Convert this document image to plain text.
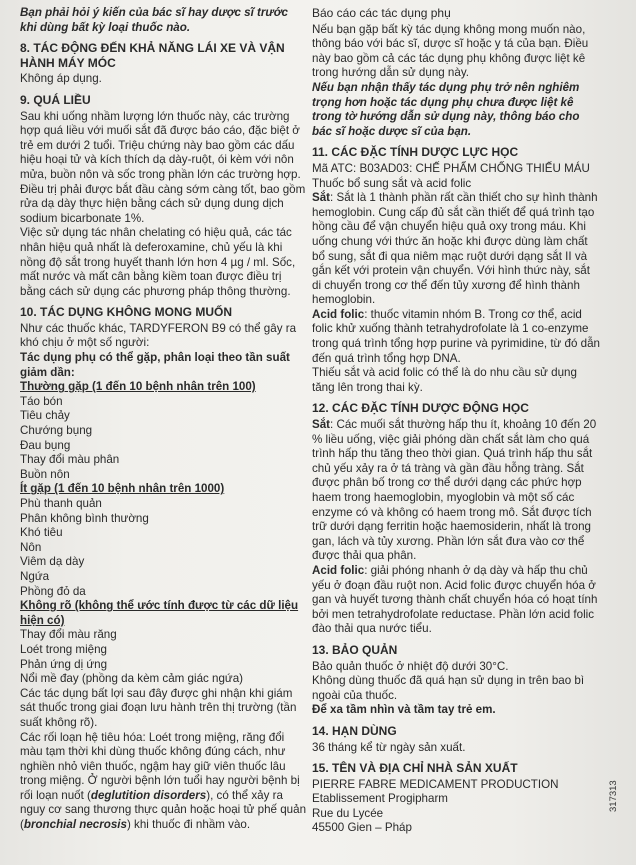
Bạn phải hỏi ý kiến của bác sĩ hay dược sĩ trước khi dùng bất kỳ loại thuốc nào.

8. TÁC ĐỘNG ĐẾN KHẢ NĂNG LÁI XE VÀ VẬN HÀNH MÁY MÓC

Không áp dụng.

9. QUÁ LIỀU

Sau khi uống nhầm lượng lớn thuốc này, các trường hợp quá liều với muối sắt đã được báo cáo, đặc biệt ở trẻ em dưới 2 tuổi. Triệu chứng này bao gồm các dấu hiệu hoại tử và kích thích dạ dày-ruột, ói kèm với nôn mửa, buồn nôn và sốc trong phần lớn các trường hợp.

Điều trị phải được bắt đầu càng sớm càng tốt, bao gồm rửa dạ dày thực hiện bằng cách sử dụng dung dịch sodium bicarbonate 1%.

Việc sử dụng tác nhân chelating có hiệu quả, các tác nhân hiệu quả nhất là deferoxamine, chủ yếu là khi nồng độ sắt trong huyết thanh lớn hơn 4 µg / ml. Sốc, mất nước và mất cân bằng kiềm toan được điều trị bằng cách sử dụng các phương pháp thông thường.

10. TÁC DỤNG KHÔNG MONG MUỐN

Như các thuốc khác, TARDYFERON B9 có thể gây ra khó chịu ở một số người:

Tác dụng phụ có thể gặp, phân loại theo tần suất giảm dần:

Thường gặp (1 đến 10 bệnh nhân trên 100)

Táo bón

Tiêu chảy

Chướng bụng

Đau bụng

Thay đổi màu phân

Buồn nôn

Ít gặp (1 đến 10 bệnh nhân trên 1000)

Phù thanh quản

Phân không bình thường

Khó tiêu

Nôn

Viêm dạ dày

Ngứa

Phồng đỏ da

Không rõ (không thể ước tính được từ các dữ liệu hiện có)

Thay đổi màu răng

Loét trong miệng

Phản ứng dị ứng

Nổi mề đay (phồng da kèm cảm giác ngứa)

Các tác dụng bất lợi sau đây được ghi nhận khi giám sát thuốc trong giai đoạn lưu hành trên thị trường (tần suất không rõ).

Các rối loạn hệ tiêu hóa: Loét trong miệng, răng đổi màu tạm thời khi dùng thuốc không đúng cách, như nghiền nhỏ viên thuốc, ngậm hay giữ viên thuốc lâu trong miệng. Ở người bệnh lớn tuổi hay người bệnh bị rối loạn nuốt (deglutition disorders), có thể xảy ra nguy cơ sang thương thực quản hoặc hoại tử phế quản (bronchial necrosis) khi thuốc đi nhầm vào.

Báo cáo các tác dụng phụ

Nếu bạn gặp bất kỳ tác dụng không mong muốn nào, thông báo với bác sĩ, dược sĩ hoặc y tá của bạn. Điều này bao gồm cả các tác dụng phụ không được liệt kê trong hướng dẫn sử dụng này.

Nếu bạn nhận thấy tác dụng phụ trở nên nghiêm trọng hơn hoặc tác dụng phụ chưa được liệt kê trong tờ hướng dẫn sử dụng này, thông báo cho bác sĩ hoặc dược sĩ của bạn.

11. CÁC ĐẶC TÍNH DƯỢC LỰC HỌC

Mã ATC: B03AD03: CHẾ PHẨM CHỐNG THIẾU MÁU

Thuốc bổ sung sắt và acid folic

Sắt: Sắt là 1 thành phần rất cần thiết cho sự hình thành hemoglobin. Cung cấp đủ sắt cần thiết để quá trình tạo hồng cầu để vận chuyển hiệu quả oxy trong máu. Khi uống chung với thức ăn hoặc khi được dùng làm chất bổ sung, sắt đi qua niêm mạc ruột dưới dạng sắt II và gắn kết với protein vận chuyển. Với hình thức này, sắt di chuyển trong cơ thể đến tủy xương để hình thành hemoglobin.

Acid folic: thuốc vitamin nhóm B. Trong cơ thể, acid folic khử xuống thành tetrahydrofolate là 1 co-enzyme trong quá trình tổng hợp purine và pyrimidine, từ đó dẫn đến quá trình tổng hợp DNA.

Thiếu sắt và acid folic có thể là do nhu cầu sử dụng tăng lên trong thai kỳ.

12. CÁC ĐẶC TÍNH DƯỢC ĐỘNG HỌC

Sắt: Các muối sắt thường hấp thu ít, khoảng 10 đến 20 % liều uống, việc giải phóng dần chất sắt làm cho quá trình hấp thu tăng theo thời gian. Quá trình hấp thu sắt chủ yếu xảy ra ở tá tràng và gần đầu hỗng tràng. Sắt được phân bố trong cơ thể dưới dạng các phức hợp haem trong haemoglobin, myoglobin và một số các enzyme có và không có haem trong mô. Sắt được tích trữ dưới dạng ferritin hoặc haemosiderin, nhất là trong gan, lách và tủy xương. Phần lớn sắt đưa vào cơ thể được thải qua phân.

Acid folic: giải phóng nhanh ở dạ dày và hấp thu chủ yếu ở đoạn đầu ruột non. Acid folic được chuyển hóa ở gan và huyết tương thành chất chuyển hóa có hoạt tính bởi men tetrahydrofolate reductase. Phần lớn acid folic đào thải qua nước tiểu.

13. BẢO QUẢN

Bảo quản thuốc ở nhiệt độ dưới 30°C.

Không dùng thuốc đã quá hạn sử dụng in trên bao bì ngoài của thuốc.

Để xa tầm nhìn và tầm tay trẻ em.

14. HẠN DÙNG

36 tháng kể từ ngày sản xuất.

15. TÊN VÀ ĐỊA CHỈ NHÀ SẢN XUẤT

PIERRE FABRE MEDICAMENT PRODUCTION

Etablissement Progipharm

Rue du Lycée

45500 Gien – Pháp

317313
